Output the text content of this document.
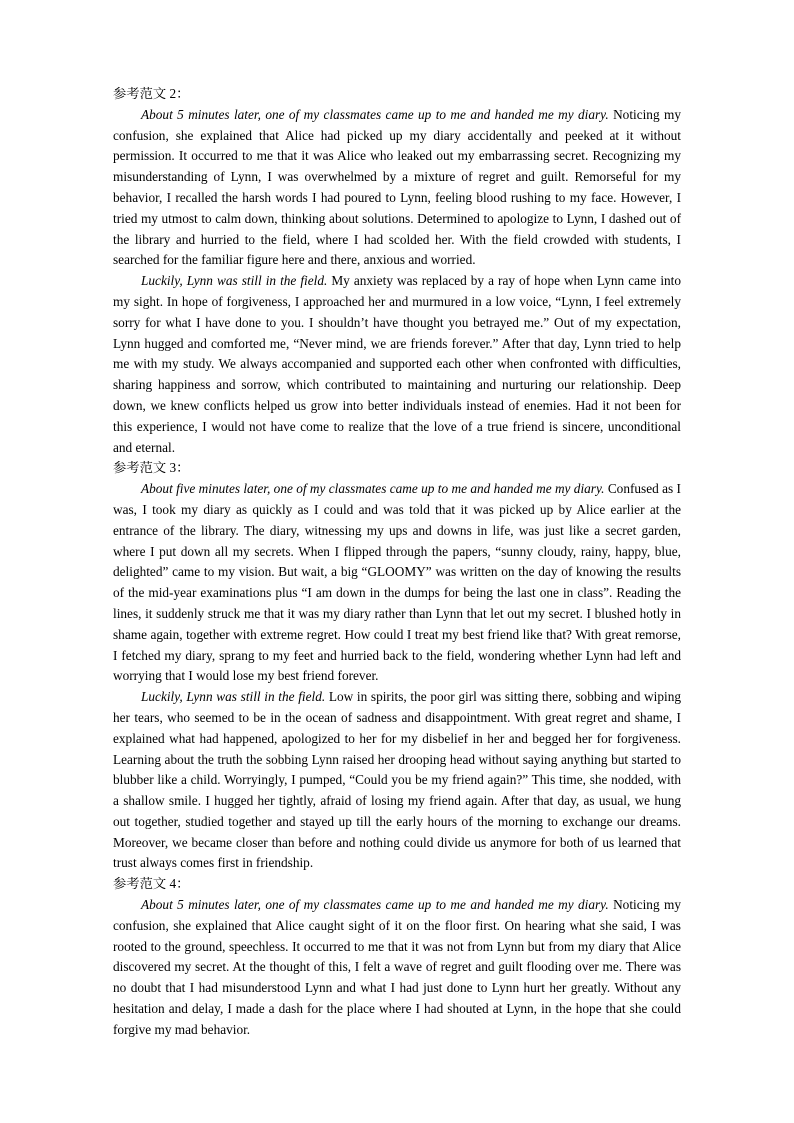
参考范文 2：

About 5 minutes later, one of my classmates came up to me and handed me my diary. Noticing my confusion, she explained that Alice had picked up my diary accidentally and peeked at it without permission. It occurred to me that it was Alice who leaked out my embarrassing secret. Recognizing my misunderstanding of Lynn, I was overwhelmed by a mixture of regret and guilt. Remorseful for my behavior, I recalled the harsh words I had poured to Lynn, feeling blood rushing to my face. However, I tried my utmost to calm down, thinking about solutions. Determined to apologize to Lynn, I dashed out of the library and hurried to the field, where I had scolded her. With the field crowded with students, I searched for the familiar figure here and there, anxious and worried.

Luckily, Lynn was still in the field. My anxiety was replaced by a ray of hope when Lynn came into my sight. In hope of forgiveness, I approached her and murmured in a low voice, “Lynn, I feel extremely sorry for what I have done to you. I shouldn’t have thought you betrayed me.” Out of my expectation, Lynn hugged and comforted me, “Never mind, we are friends forever.” After that day, Lynn tried to help me with my study. We always accompanied and supported each other when confronted with difficulties, sharing happiness and sorrow, which contributed to maintaining and nurturing our relationship. Deep down, we knew conflicts helped us grow into better individuals instead of enemies. Had it not been for this experience, I would not have come to realize that the love of a true friend is sincere, unconditional and eternal.

参考范文 3：

About five minutes later, one of my classmates came up to me and handed me my diary. Confused as I was, I took my diary as quickly as I could and was told that it was picked up by Alice earlier at the entrance of the library. The diary, witnessing my ups and downs in life, was just like a secret garden, where I put down all my secrets. When I flipped through the papers, “sunny cloudy, rainy, happy, blue, delighted” came to my vision. But wait, a big “GLOOMY” was written on the day of knowing the results of the mid-year examinations plus “I am down in the dumps for being the last one in class”. Reading the lines, it suddenly struck me that it was my diary rather than Lynn that let out my secret. I blushed hotly in shame again, together with extreme regret. How could I treat my best friend like that? With great remorse, I fetched my diary, sprang to my feet and hurried back to the field, wondering whether Lynn had left and worrying that I would lose my best friend forever.

Luckily, Lynn was still in the field. Low in spirits, the poor girl was sitting there, sobbing and wiping her tears, who seemed to be in the ocean of sadness and disappointment. With great regret and shame, I explained what had happened, apologized to her for my disbelief in her and begged her for forgiveness. Learning about the truth the sobbing Lynn raised her drooping head without saying anything but started to blubber like a child. Worryingly, I pumped, “Could you be my friend again?” This time, she nodded, with a shallow smile. I hugged her tightly, afraid of losing my friend again. After that day, as usual, we hung out together, studied together and stayed up till the early hours of the morning to exchange our dreams. Moreover, we became closer than before and nothing could divide us anymore for both of us learned that trust always comes first in friendship.

参考范文 4：

About 5 minutes later, one of my classmates came up to me and handed me my diary. Noticing my confusion, she explained that Alice caught sight of it on the floor first. On hearing what she said, I was rooted to the ground, speechless. It occurred to me that it was not from Lynn but from my diary that Alice discovered my secret. At the thought of this, I felt a wave of regret and guilt flooding over me. There was no doubt that I had misunderstood Lynn and what I had just done to Lynn hurt her greatly. Without any hesitation and delay, I made a dash for the place where I had shouted at Lynn, in the hope that she could forgive my mad behavior.
